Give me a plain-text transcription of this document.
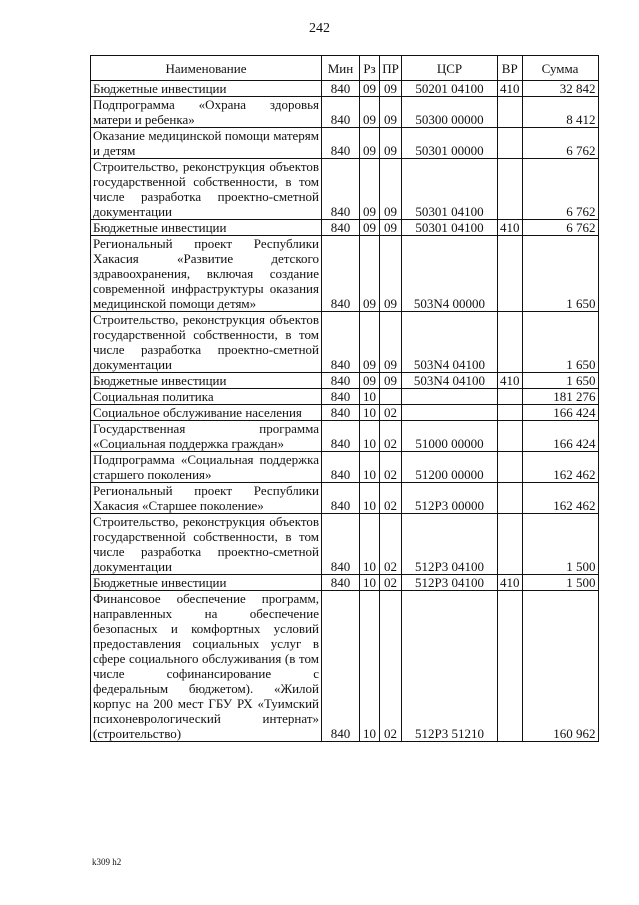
242
Наименование	Мин	Рз	ПР	ЦСР	ВР	Сумма
Бюджетные инвестиции	840	09	09	50201 04100	410	32 842
Подпрограмма «Охрана здоровья матери и ребенка»	840	09	09	50300 00000		8 412
Оказание медицинской помощи матерям и детям	840	09	09	50301 00000		6 762
Строительство, реконструкция объектов государственной собственности, в том числе разработка проектно-сметной документации	840	09	09	50301 04100		6 762
Бюджетные инвестиции	840	09	09	50301 04100	410	6 762
Региональный проект Республики Хакасия «Развитие детского здравоохранения, включая создание современной инфраструктуры оказания медицинской помощи детям»	840	09	09	503N4 00000		1 650
Строительство, реконструкция объектов государственной собственности, в том числе разработка проектно-сметной документации	840	09	09	503N4 04100		1 650
Бюджетные инвестиции	840	09	09	503N4 04100	410	1 650
Социальная политика	840	10				181 276
Социальное обслуживание населения	840	10	02			166 424
Государственная программа «Социальная поддержка граждан»	840	10	02	51000 00000		166 424
Подпрограмма «Социальная поддержка старшего поколения»	840	10	02	51200 00000		162 462
Региональный проект Республики Хакасия «Старшее поколение»	840	10	02	512P3 00000		162 462
Строительство, реконструкция объектов государственной собственности, в том числе разработка проектно-сметной документации	840	10	02	512P3 04100		1 500
Бюджетные инвестиции	840	10	02	512P3 04100	410	1 500
Финансовое обеспечение программ, направленных на обеспечение безопасных и комфортных условий предоставления социальных услуг в сфере социального обслуживания (в том числе софинансирование с федеральным бюджетом). «Жилой корпус на 200 мест ГБУ РХ «Туимский психоневрологический интернат» (строительство)	840	10	02	512P3 51210		160 962
k309 h2
